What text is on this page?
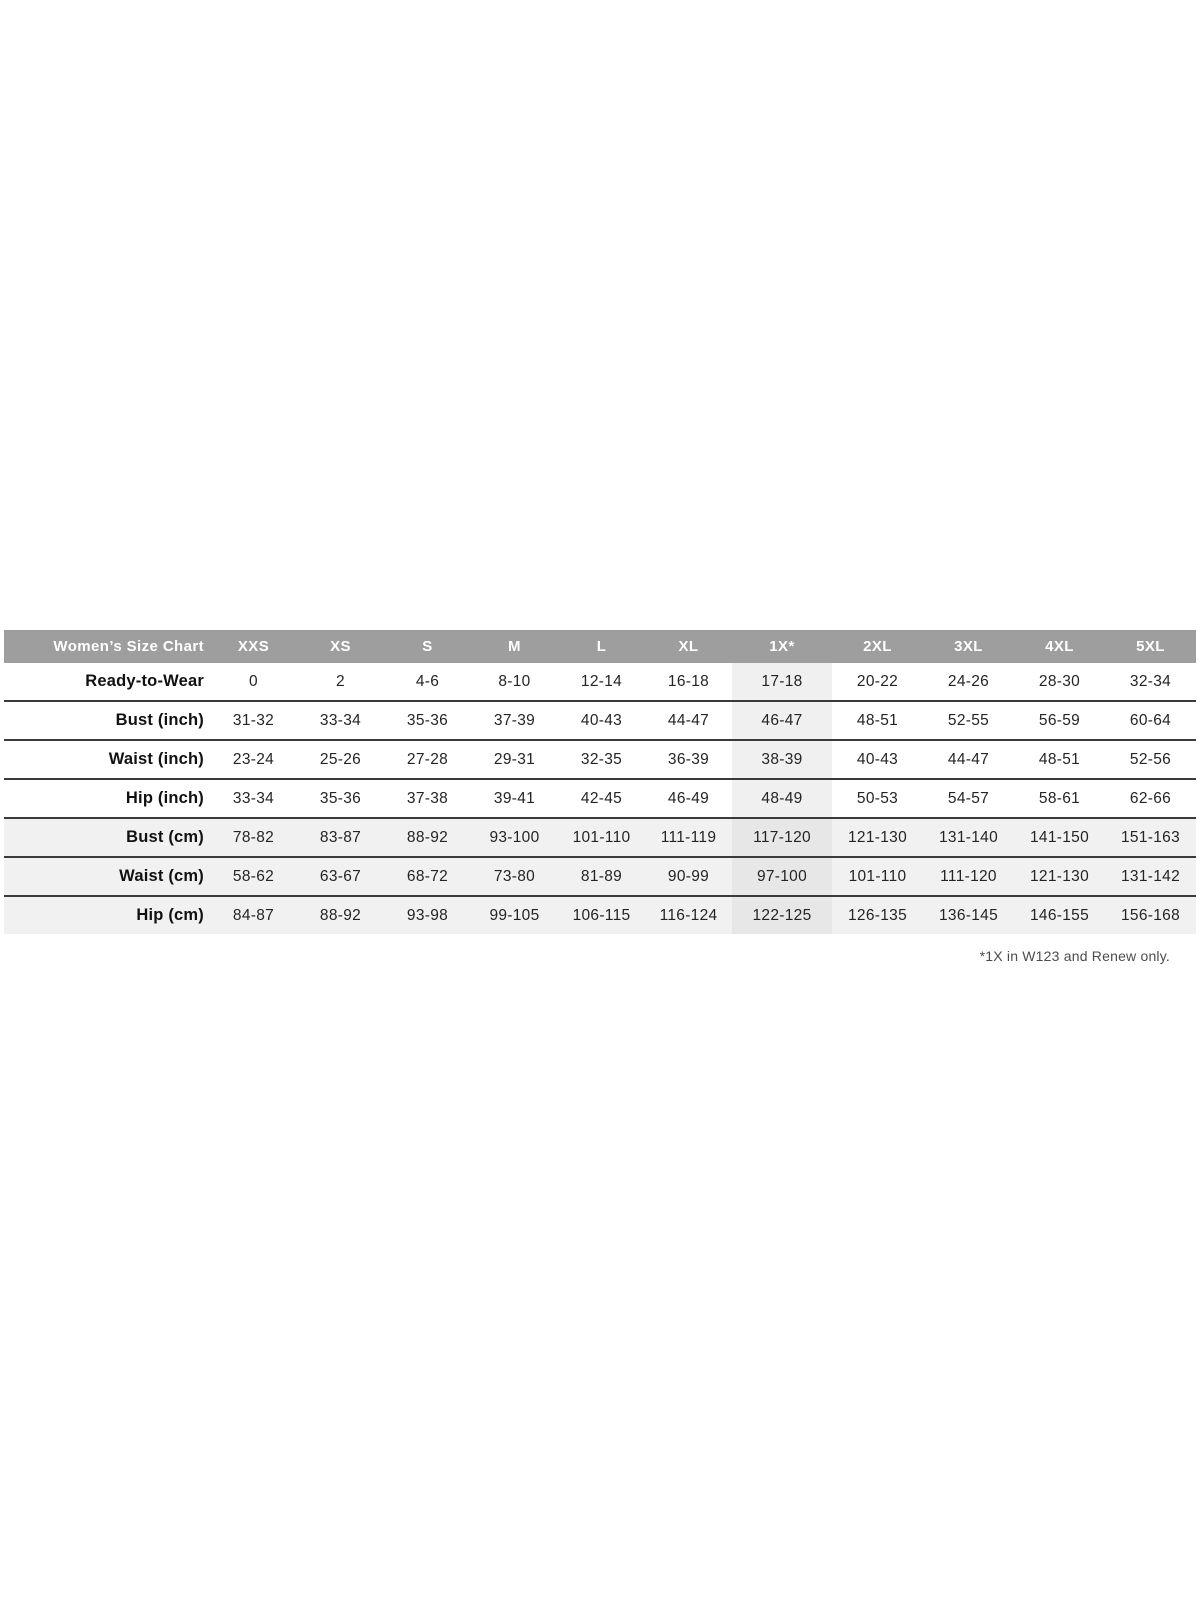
Women’s Size Chart	XXS	XS	S	M	L	XL	1X*	2XL	3XL	4XL	5XL
Ready-to-Wear	0	2	4-6	8-10	12-14	16-18	17-18	20-22	24-26	28-30	32-34
Bust (inch)	31-32	33-34	35-36	37-39	40-43	44-47	46-47	48-51	52-55	56-59	60-64
Waist (inch)	23-24	25-26	27-28	29-31	32-35	36-39	38-39	40-43	44-47	48-51	52-56
Hip (inch)	33-34	35-36	37-38	39-41	42-45	46-49	48-49	50-53	54-57	58-61	62-66
Bust (cm)	78-82	83-87	88-92	93-100	101-110	111-119	117-120	121-130	131-140	141-150	151-163
Waist (cm)	58-62	63-67	68-72	73-80	81-89	90-99	97-100	101-110	111-120	121-130	131-142
Hip (cm)	84-87	88-92	93-98	99-105	106-115	116-124	122-125	126-135	136-145	146-155	156-168
*1X in W123 and Renew only.
